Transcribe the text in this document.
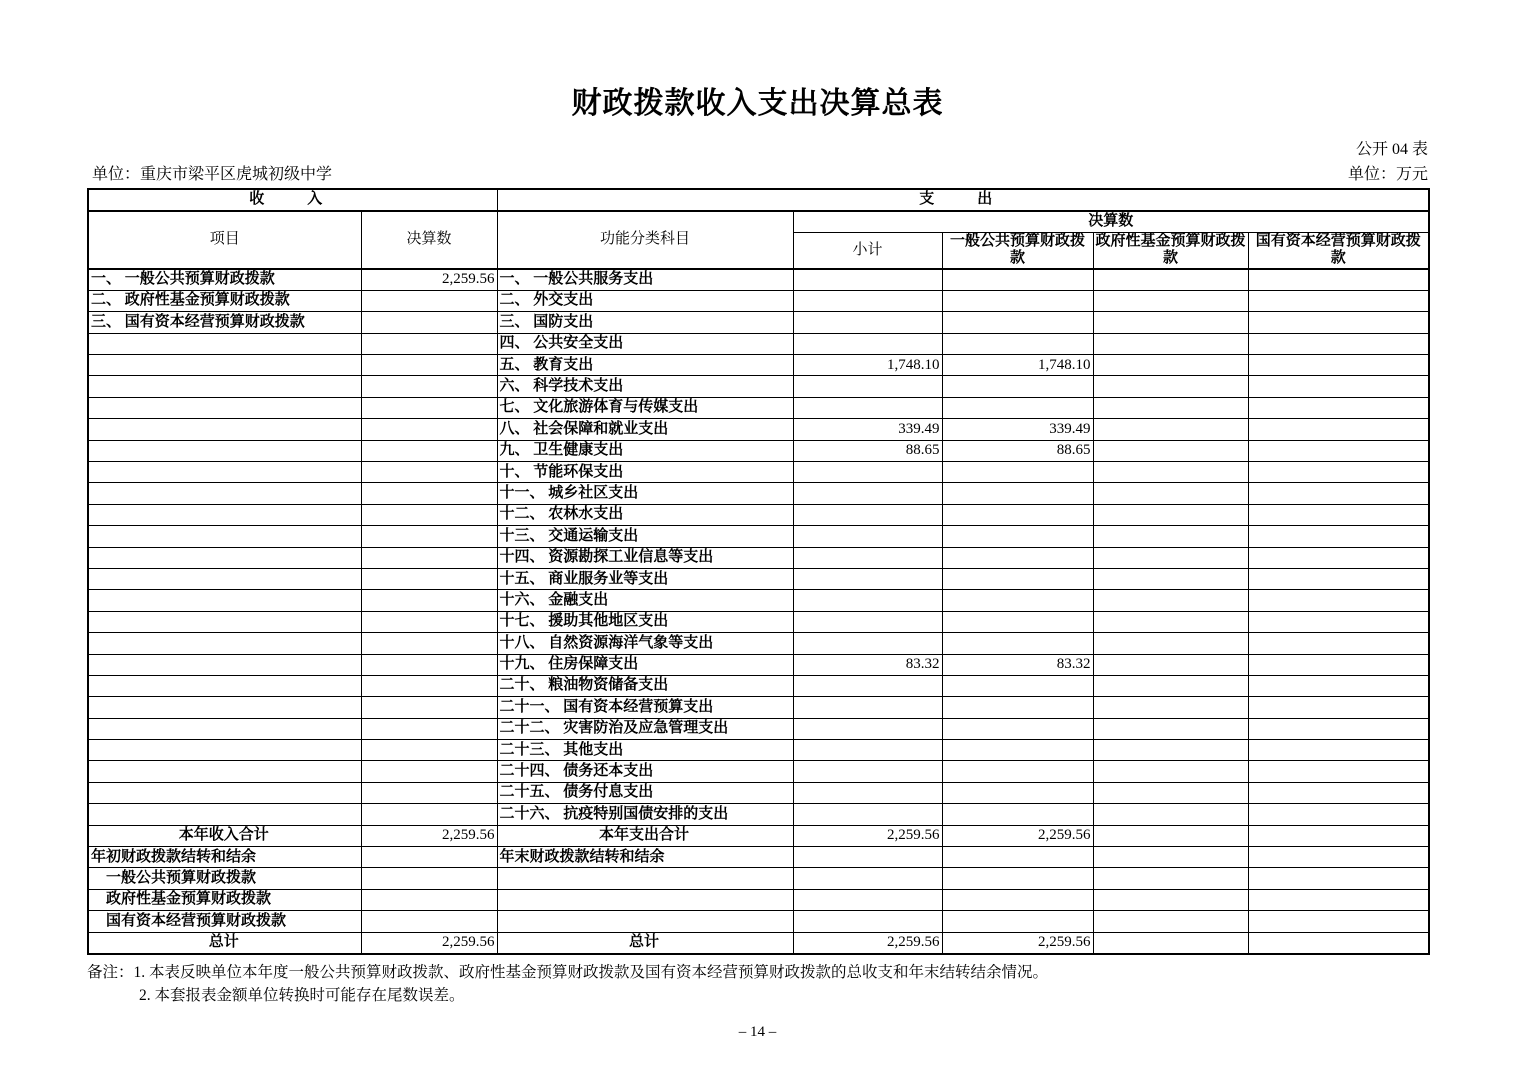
财政拨款收入支出决算总表
公开 04 表
单位：重庆市梁平区虎城初级中学	单位：万元
收　入		支　出				
项目	决算数	功能分类科目	决算数			
			小计	一般公共预算财政拨款	政府性基金预算财政拨款	国有资本经营预算财政拨款
一、 一般公共预算财政拨款	2,259.56	一、 一般公共服务支出				
二、 政府性基金预算财政拨款		二、 外交支出				
三、 国有资本经营预算财政拨款		三、 国防支出				
		四、 公共安全支出				
		五、 教育支出	1,748.10	1,748.10		
		六、 科学技术支出				
		七、 文化旅游体育与传媒支出				
		八、 社会保障和就业支出	339.49	339.49		
		九、 卫生健康支出	88.65	88.65		
		十、 节能环保支出				
		十一、 城乡社区支出				
		十二、 农林水支出				
		十三、 交通运输支出				
		十四、 资源勘探工业信息等支出				
		十五、 商业服务业等支出				
		十六、 金融支出				
		十七、 援助其他地区支出				
		十八、 自然资源海洋气象等支出				
		十九、 住房保障支出	83.32	83.32		
		二十、 粮油物资储备支出				
		二十一、 国有资本经营预算支出				
		二十二、 灾害防治及应急管理支出				
		二十三、 其他支出				
		二十四、 债务还本支出				
		二十五、 债务付息支出				
		二十六、 抗疫特别国债安排的支出				
本年收入合计	2,259.56	本年支出合计	2,259.56	2,259.56		
年初财政拨款结转和结余		年末财政拨款结转和结余				
一般公共预算财政拨款						
政府性基金预算财政拨款						
国有资本经营预算财政拨款						
总计	2,259.56	总计	2,259.56	2,259.56		
备注：1. 本表反映单位本年度一般公共预算财政拨款、政府性基金预算财政拨款及国有资本经营预算财政拨款的总收支和年末结转结余情况。
2. 本套报表金额单位转换时可能存在尾数误差。
– 14 –
